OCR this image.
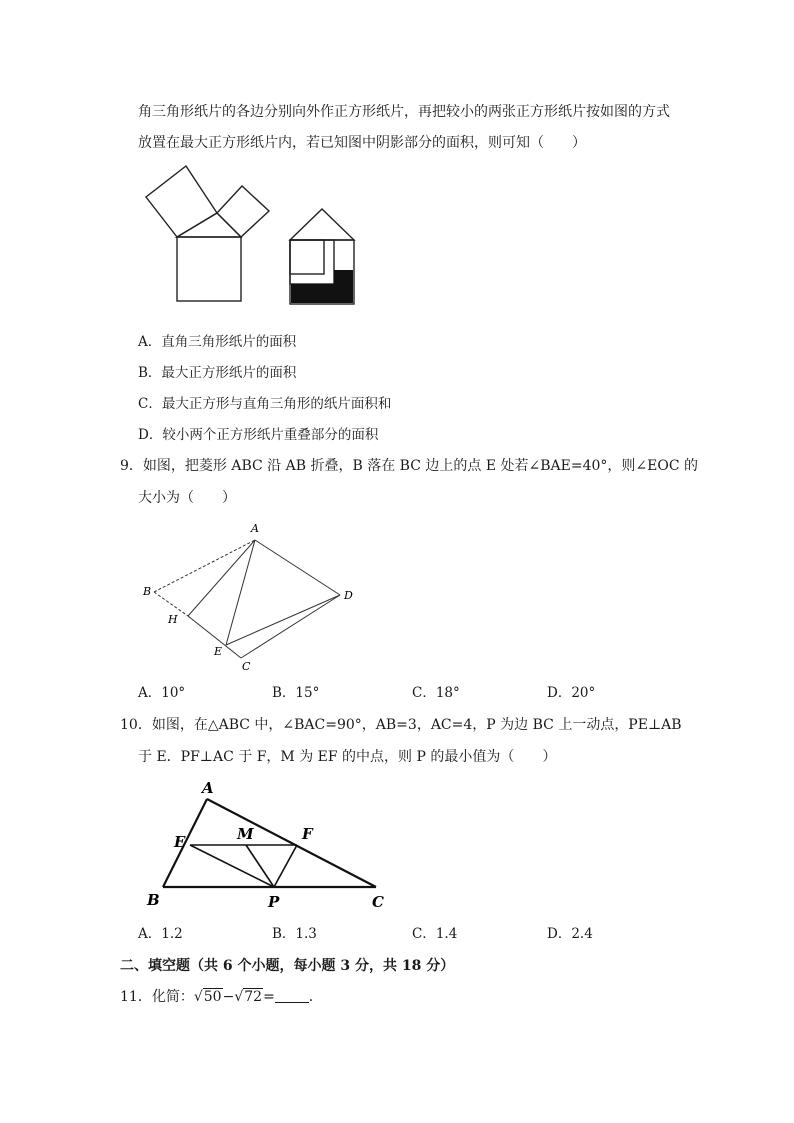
角三角形纸片的各边分别向外作正方形纸片，再把较小的两张正方形纸片按如图的方式
放置在最大正方形纸片内，若已知图中阴影部分的面积，则可知（　　）
A．直角三角形纸片的面积
B．最大正方形纸片的面积
C．最大正方形与直角三角形的纸片面积和
D．较小两个正方形纸片重叠部分的面积
9．如图，把菱形 ABC 沿 AB 折叠，B 落在 BC 边上的点 E 处若∠BAE=40°，则∠EOC 的
大小为（　　）
A
B
H
E
C
D
A．10°	B．15°	C．18°	D．20°
10．如图，在△ABC 中，∠BAC=90°，AB=3，AC=4，P 为边 BC 上一动点，PE⊥AB
于 E．PF⊥AC 于 F，M 为 EF 的中点，则 P 的最小值为（　　）
A
E	M	F
B	P	C
A．1.2	B．1.3	C．1.4	D．2.4
二、填空题（共 6 个小题，每小题 3 分，共 18 分）
11．化简：√50−√72= ．
